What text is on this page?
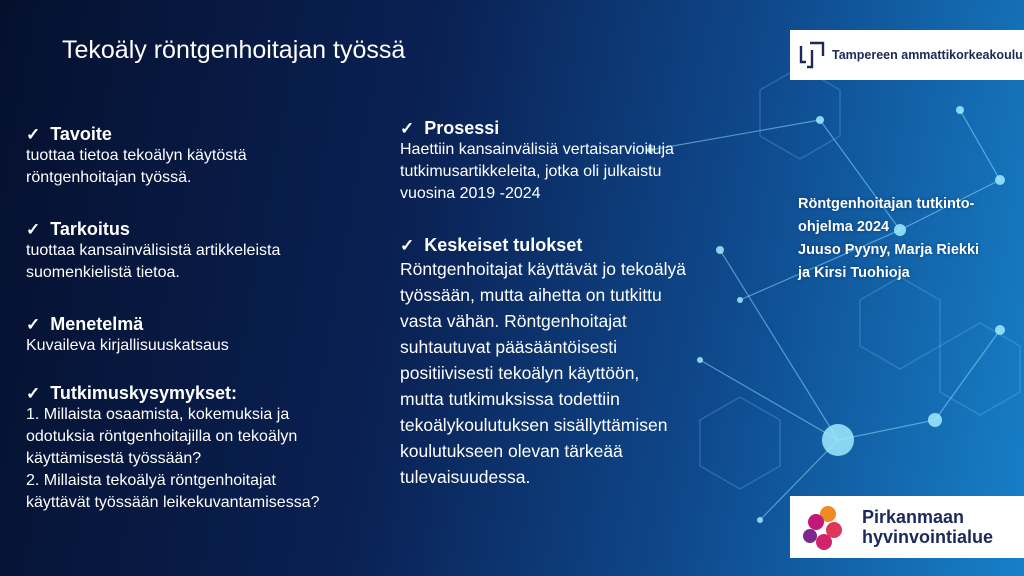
Tekoäly röntgenhoitajan työssä
✓ Tavoite
tuottaa tietoa tekoälyn käytöstä
röntgenhoitajan työssä.
✓ Tarkoitus
tuottaa kansainvälisistä artikkeleista
suomenkielistä tietoa.
✓ Menetelmä
Kuvaileva kirjallisuuskatsaus
✓ Tutkimuskysymykset:
1. Millaista osaamista, kokemuksia ja
odotuksia röntgenhoitajilla on tekoälyn
käyttämisestä työssään?
2. Millaista tekoälyä röntgenhoitajat
käyttävät työssään leikekuvantamisessa?
✓ Prosessi
Haettiin kansainvälisiä vertaisarvioituja
tutkimusartikkeleita, jotka oli julkaistu
vuosina 2019 -2024
✓ Keskeiset tulokset
Röntgenhoitajat käyttävät jo tekoälyä
työssään, mutta aihetta on tutkittu
vasta vähän. Röntgenhoitajat
suhtautuvat pääsääntöisesti
positiivisesti tekoälyn käyttöön,
mutta tutkimuksissa todettiin
tekoälykoulutuksen sisällyttämisen
koulutukseen olevan tärkeää
tulevaisuudessa.
Röntgenhoitajan tutkinto-
ohjelma 2024
Juuso Pyyny, Marja Riekki
ja Kirsi Tuohioja
Tampereen ammattikorkeakoulu
Pirkanmaan
hyvinvointialue
